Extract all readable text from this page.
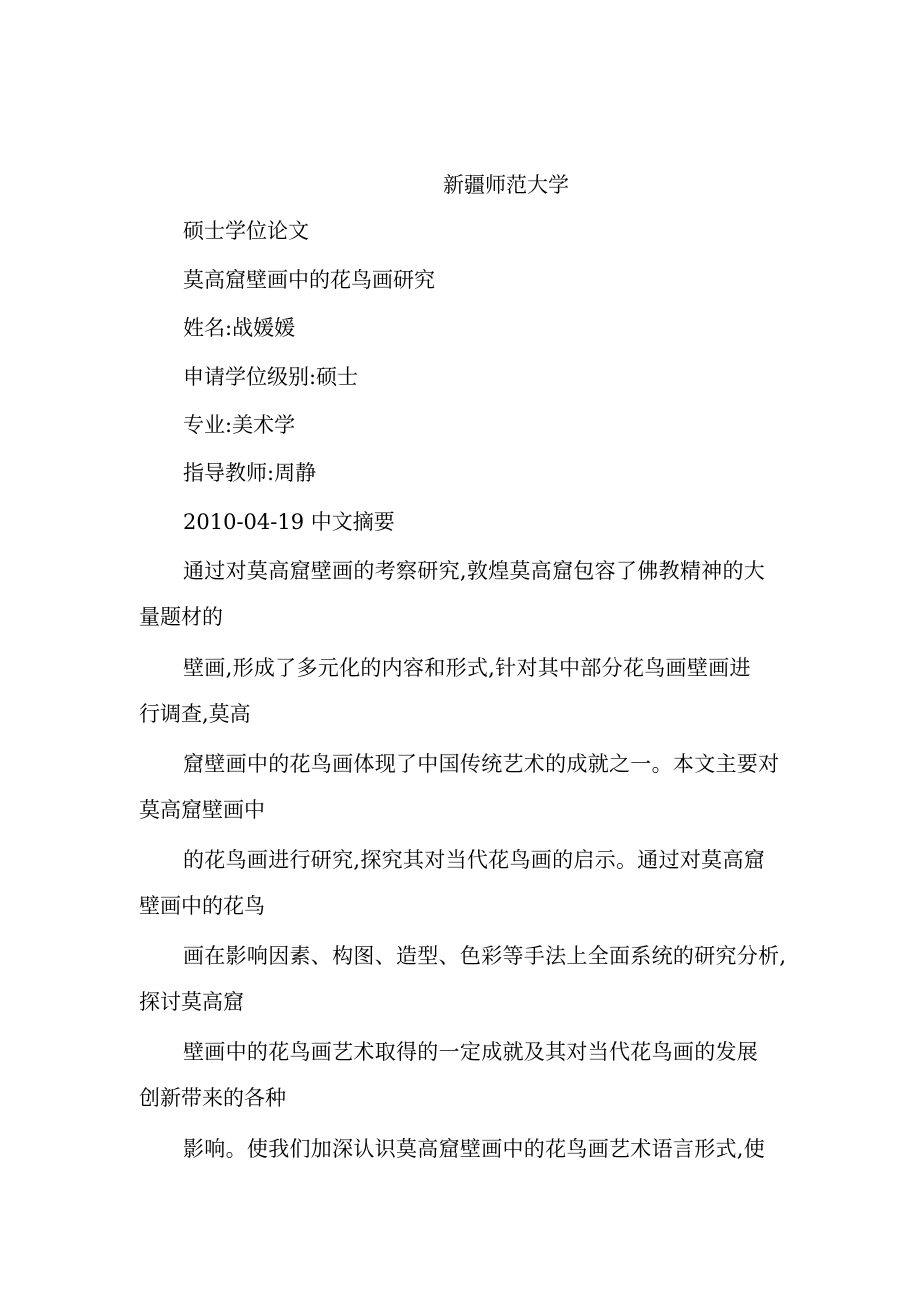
新疆师范大学
硕士学位论文
莫高窟壁画中的花鸟画研究
姓名:战媛媛
申请学位级别:硕士
专业:美术学
指导教师:周静
2010-04-19 中文摘要
通过对莫高窟壁画的考察研究,敦煌莫高窟包容了佛教精神的大
量题材的
壁画,形成了多元化的内容和形式,针对其中部分花鸟画壁画进
行调查,莫高
窟壁画中的花鸟画体现了中国传统艺术的成就之一。本文主要对
莫高窟壁画中
的花鸟画进行研究,探究其对当代花鸟画的启示。通过对莫高窟
壁画中的花鸟
画在影响因素、构图、造型、色彩等手法上全面系统的研究分析,
探讨莫高窟
壁画中的花鸟画艺术取得的一定成就及其对当代花鸟画的发展
创新带来的各种
影响。使我们加深认识莫高窟壁画中的花鸟画艺术语言形式,使
